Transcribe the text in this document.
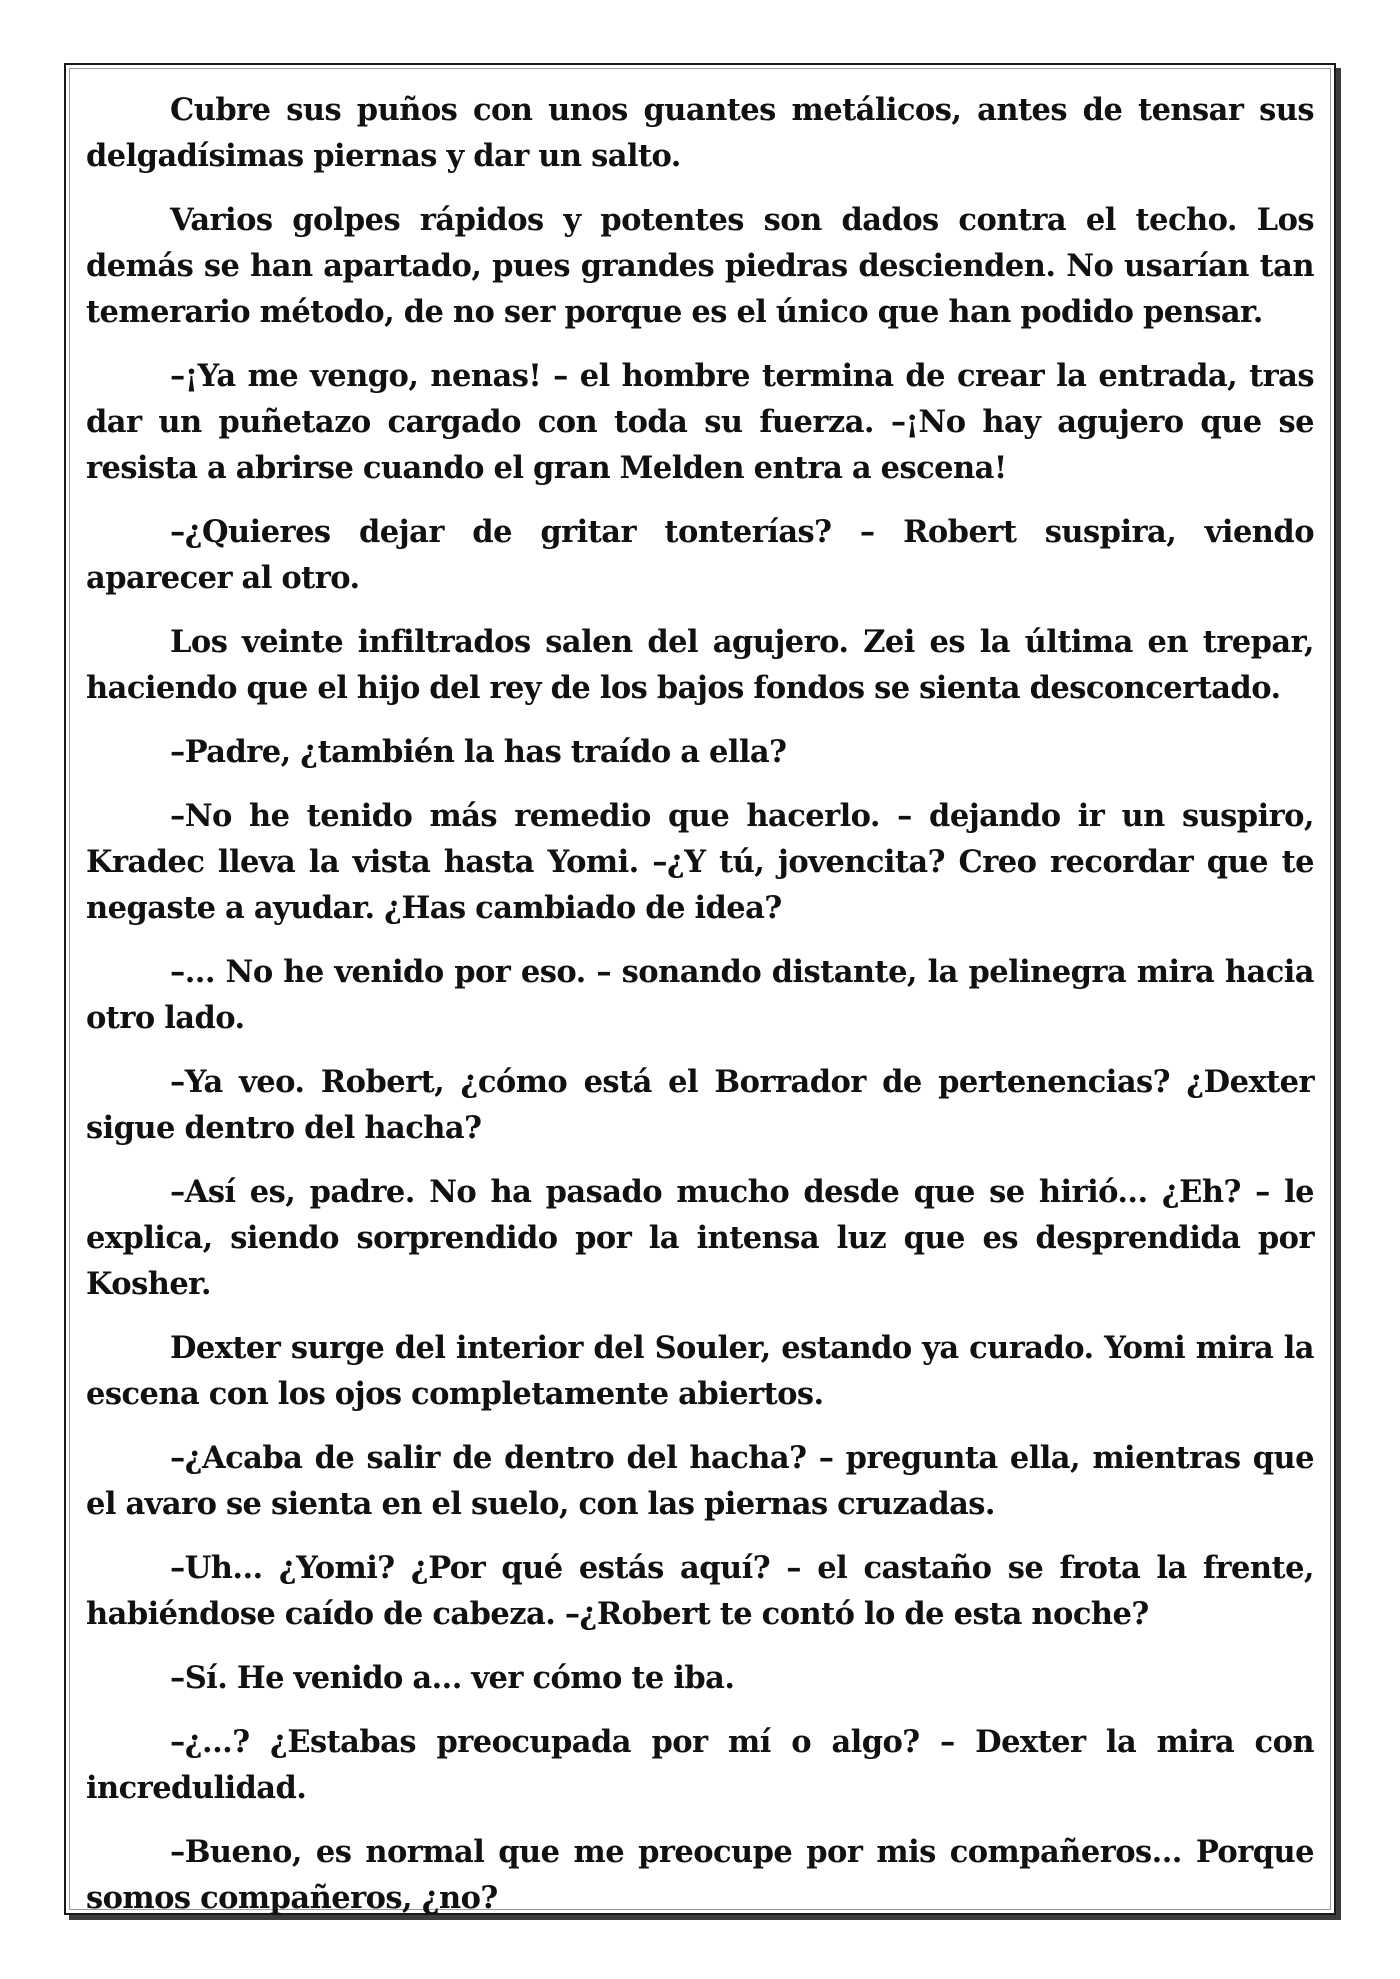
Cubre sus puños con unos guantes metálicos, antes de tensar sus delgadísimas piernas y dar un salto.

Varios golpes rápidos y potentes son dados contra el techo. Los demás se han apartado, pues grandes piedras descienden. No usarían tan temerario método, de no ser porque es el único que han podido pensar.

–¡Ya me vengo, nenas! – el hombre termina de crear la entrada, tras dar un puñetazo cargado con toda su fuerza. –¡No hay agujero que se resista a abrirse cuando el gran Melden entra a escena!

–¿Quieres dejar de gritar tonterías? – Robert suspira, viendo aparecer al otro.

Los veinte infiltrados salen del agujero. Zei es la última en trepar, haciendo que el hijo del rey de los bajos fondos se sienta desconcertado.

–Padre, ¿también la has traído a ella?

–No he tenido más remedio que hacerlo. – dejando ir un suspiro, Kradec lleva la vista hasta Yomi. –¿Y tú, jovencita? Creo recordar que te negaste a ayudar. ¿Has cambiado de idea?

–... No he venido por eso. – sonando distante, la pelinegra mira hacia otro lado.

–Ya veo. Robert, ¿cómo está el Borrador de pertenencias? ¿Dexter sigue dentro del hacha?

–Así es, padre. No ha pasado mucho desde que se hirió... ¿Eh? – le explica, siendo sorprendido por la intensa luz que es desprendida por Kosher.

Dexter surge del interior del Souler, estando ya curado. Yomi mira la escena con los ojos completamente abiertos.

–¿Acaba de salir de dentro del hacha? – pregunta ella, mientras que el avaro se sienta en el suelo, con las piernas cruzadas.

–Uh... ¿Yomi? ¿Por qué estás aquí? – el castaño se frota la frente, habiéndose caído de cabeza. –¿Robert te contó lo de esta noche?

–Sí. He venido a... ver cómo te iba.

–¿...? ¿Estabas preocupada por mí o algo? – Dexter la mira con incredulidad.

–Bueno, es normal que me preocupe por mis compañeros... Porque somos compañeros, ¿no?
